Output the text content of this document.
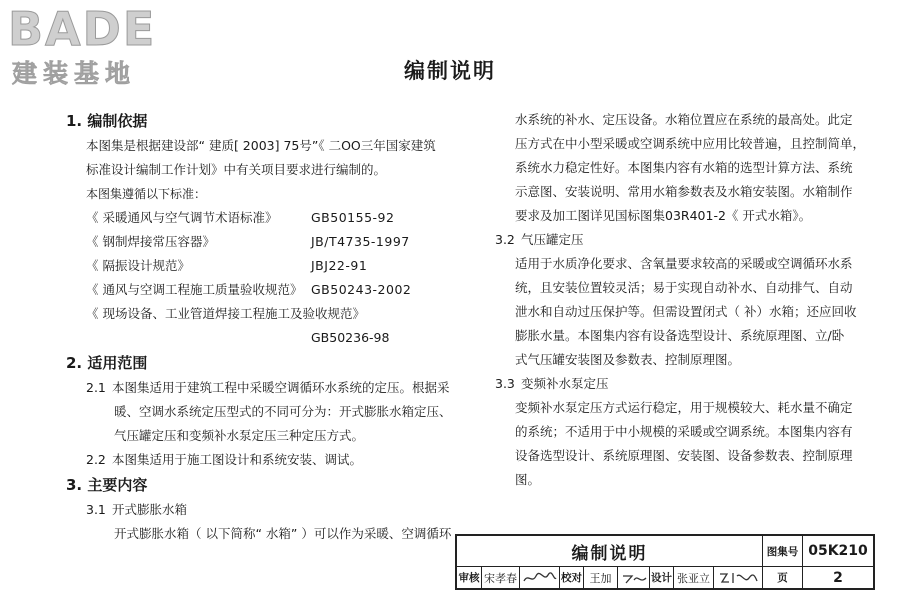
BADE
建装基地	编制说明
1. 编制依据
本图集是根据建设部“ 建质[ 2003] 75号”《 二OO三年国家建筑
标准设计编制工作计划》中有关项目要求进行编制的。
本图集遵循以下标准：
《 采暖通风与空气调节术语标准》	GB50155-92
《 钢制焊接常压容器》	JB/T4735-1997
《 隔振设计规范》	JBJ22-91
《 通风与空调工程施工质量验收规范》 GB50243-2002
《 现场设备、工业管道焊接工程施工及验收规范》
GB50236-98
2. 适用范围
2.1 本图集适用于建筑工程中采暖空调循环水系统的定压。根据采
暖、空调水系统定压型式的不同可分为：开式膨胀水箱定压、
气压罐定压和变频补水泵定压三种定压方式。
2.2 本图集适用于施工图设计和系统安装、调试。
3. 主要内容
3.1 开式膨胀水箱
开式膨胀水箱（ 以下简称“ 水箱” ）可以作为采暖、空调循环
水系统的补水、定压设备。水箱位置应在系统的最高处。此定
压方式在中小型采暖或空调系统中应用比较普遍，且控制简单，
系统水力稳定性好。本图集内容有水箱的选型计算方法、系统
示意图、安装说明、常用水箱参数表及水箱安装图。水箱制作
要求及加工图详见国标图集03R401-2《 开式水箱》。
3.2 气压罐定压
适用于水质净化要求、含氧量要求较高的采暖或空调循环水系
统，且安装位置较灵活；易于实现自动补水、自动排气、自动
泄水和自动过压保护等。但需设置闭式（ 补）水箱；还应回收
膨胀水量。本图集内容有设备选型设计、系统原理图、立/卧
式气压罐安装图及参数表、控制原理图。
3.3 变频补水泵定压
变频补水泵定压方式运行稳定，用于规模较大、耗水量不确定
的系统；不适用于中小规模的采暖或空调系统。本图集内容有
设备选型设计、系统原理图、安装图、设备参数表、控制原理
图。
编制说明	图集号 05K210
审核 宋孝春	校对 王加	设计 张亚立	页	2
